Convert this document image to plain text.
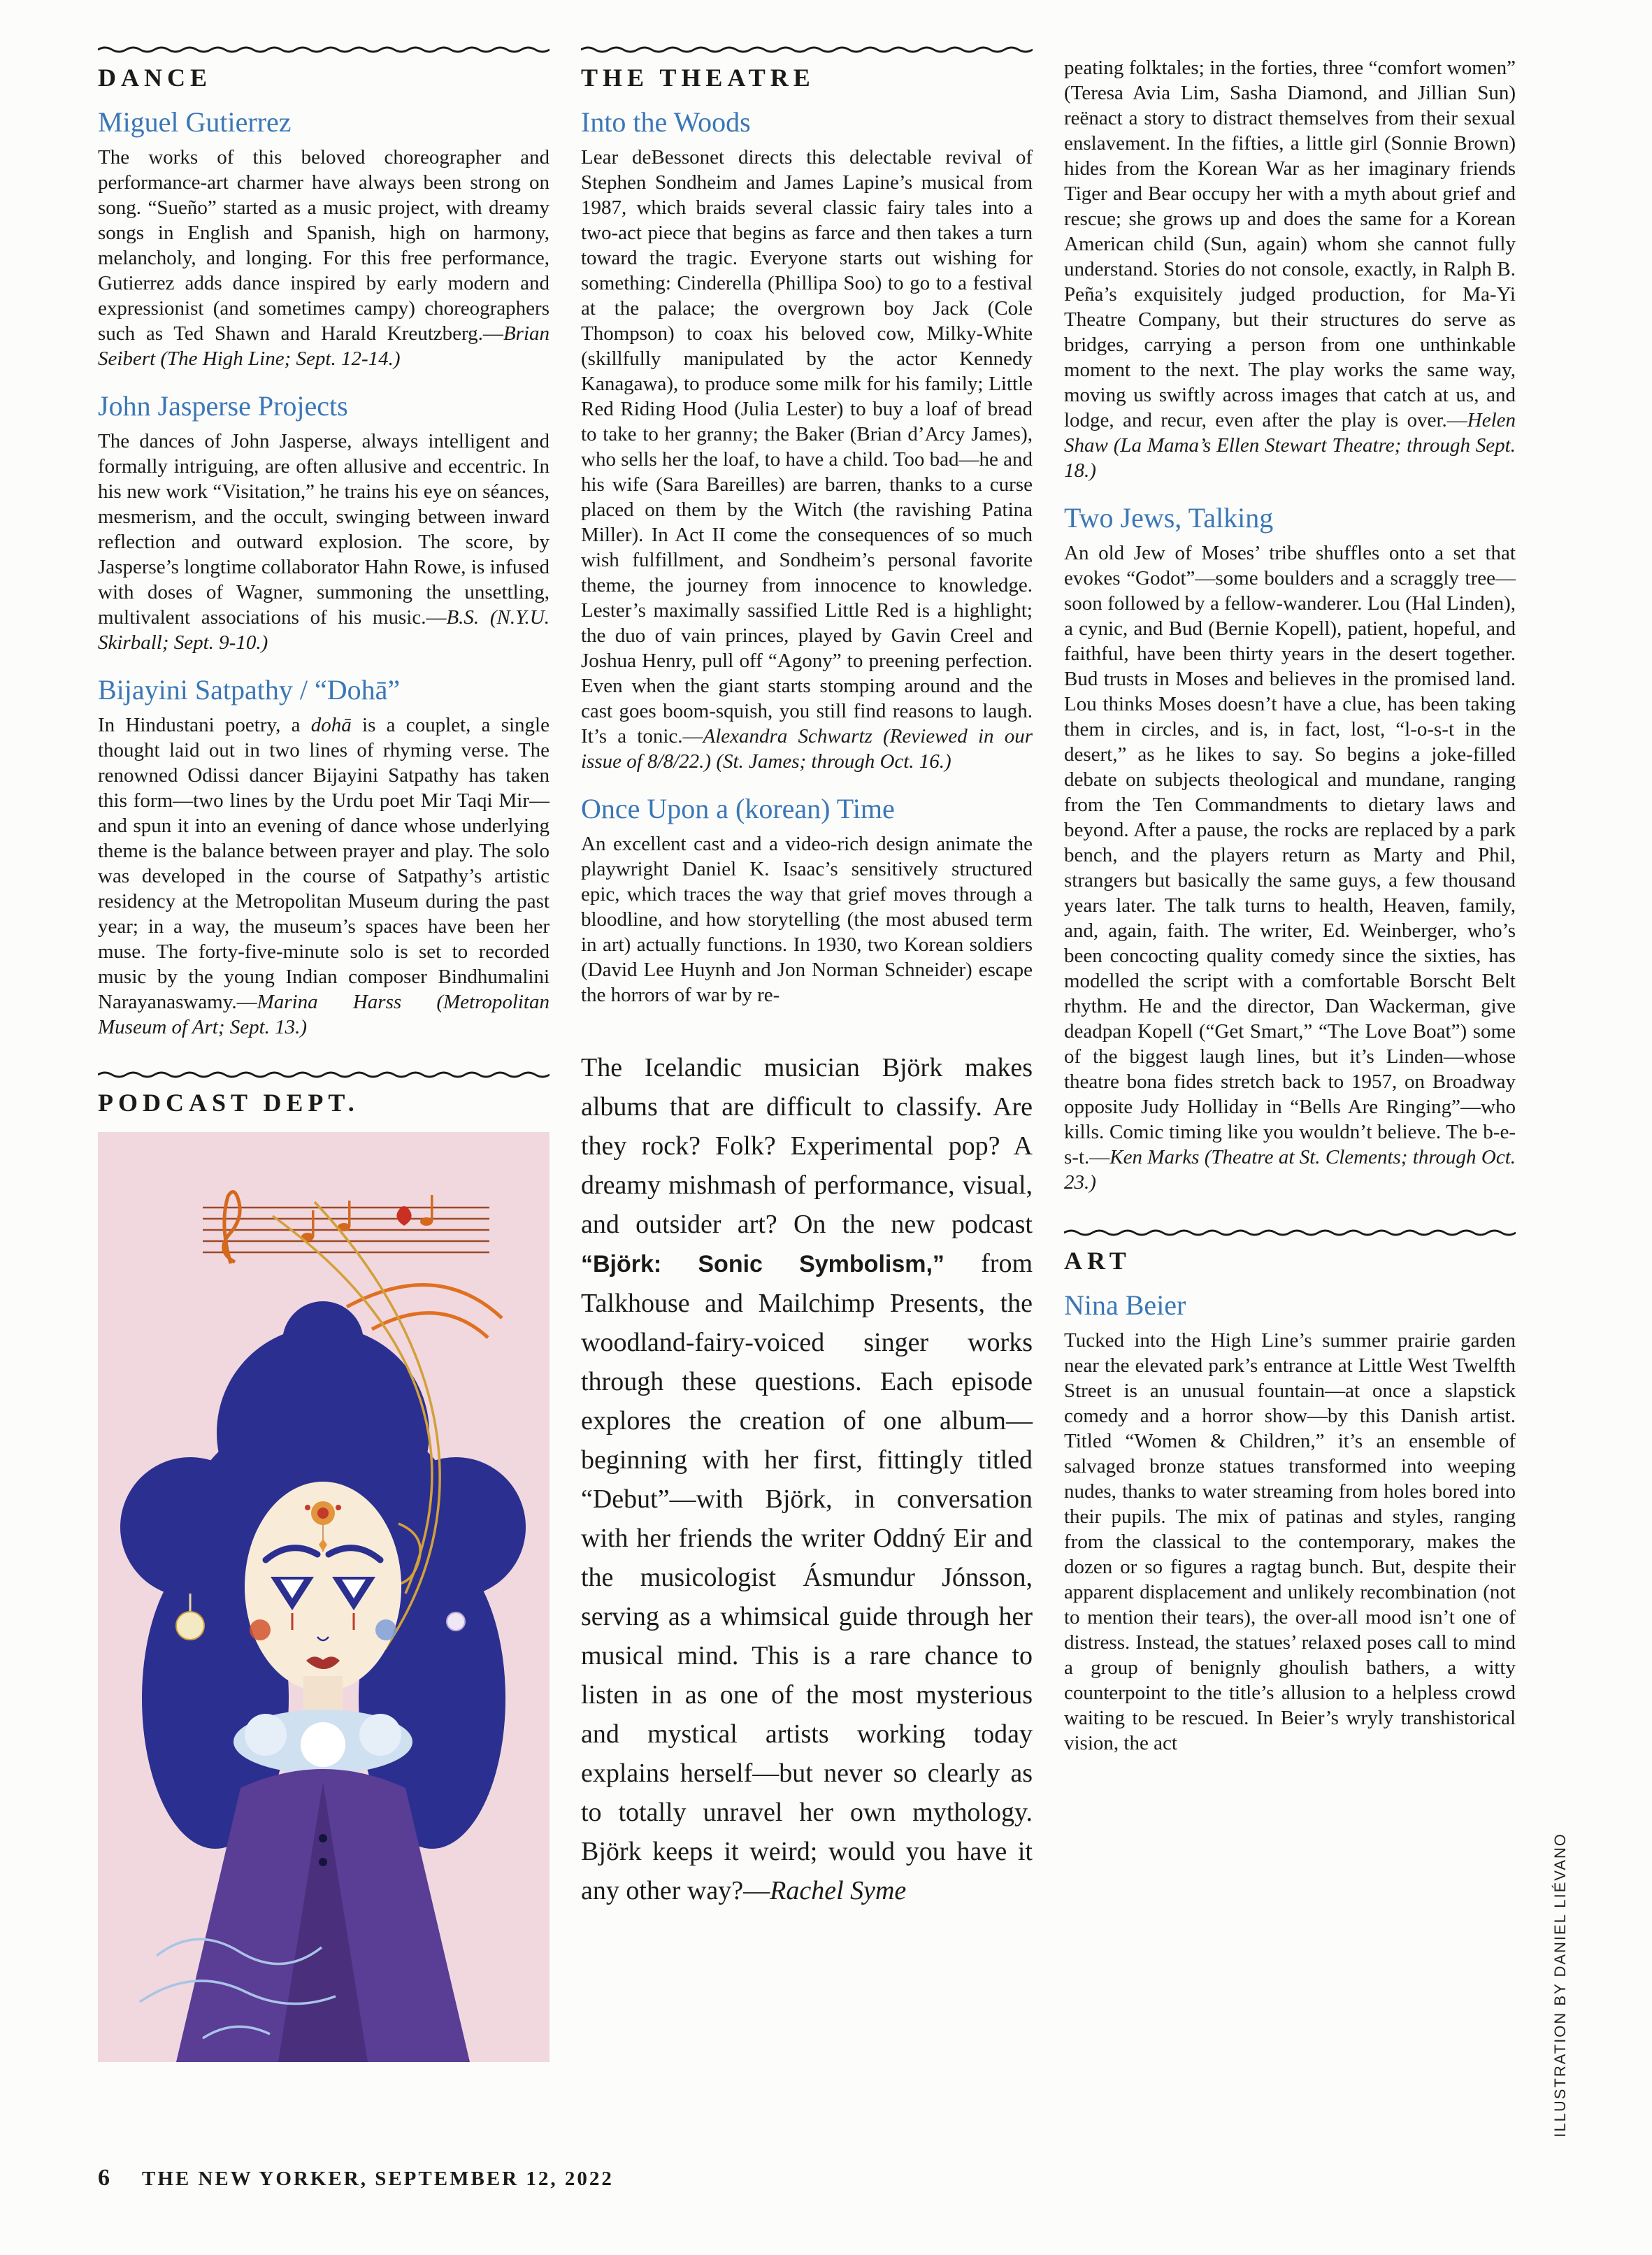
DANCE
Miguel Gutierrez

The works of this beloved choreographer and performance-art charmer have always been strong on song. “Sueño” started as a music project, with dreamy songs in English and Spanish, high on harmony, melancholy, and longing. For this free performance, Gutierrez adds dance inspired by early modern and expressionist (and sometimes campy) choreographers such as Ted Shawn and Harald Kreutzberg.—Brian Seibert (The High Line; Sept. 12-14.)

John Jasperse Projects

The dances of John Jasperse, always intelligent and formally intriguing, are often allusive and eccentric. In his new work “Visitation,” he trains his eye on séances, mesmerism, and the occult, swinging between inward reflection and outward explosion. The score, by Jasperse’s longtime collaborator Hahn Rowe, is infused with doses of Wagner, summoning the unsettling, multivalent associations of his music.—B.S. (N.Y.U. Skirball; Sept. 9-10.)

Bijayini Satpathy / “Dohā”

In Hindustani poetry, a dohā is a couplet, a single thought laid out in two lines of rhyming verse. The renowned Odissi dancer Bijayini Satpathy has taken this form—two lines by the Urdu poet Mir Taqi Mir—and spun it into an evening of dance whose underlying theme is the balance between prayer and play. The solo was developed in the course of Satpathy’s artistic residency at the Metropolitan Museum during the past year; in a way, the museum’s spaces have been her muse. The forty-five-minute solo is set to recorded music by the young Indian composer Bindhumalini Narayanaswamy.—Marina Harss (Metropolitan Museum of Art; Sept. 13.)

PODCAST DEPT.
THE THEATRE
Into the Woods

Lear deBessonet directs this delectable revival of Stephen Sondheim and James Lapine’s musical from 1987, which braids several classic fairy tales into a two-act piece that begins as farce and then takes a turn toward the tragic. Everyone starts out wishing for something: Cinderella (Phillipa Soo) to go to a festival at the palace; the overgrown boy Jack (Cole Thompson) to coax his beloved cow, Milky-White (skillfully manipulated by the actor Kennedy Kanagawa), to produce some milk for his family; Little Red Riding Hood (Julia Lester) to buy a loaf of bread to take to her granny; the Baker (Brian d’Arcy James), who sells her the loaf, to have a child. Too bad—he and his wife (Sara Bareilles) are barren, thanks to a curse placed on them by the Witch (the ravishing Patina Miller). In Act II come the consequences of so much wish fulfillment, and Sondheim’s personal favorite theme, the journey from innocence to knowledge. Lester’s maximally sassified Little Red is a highlight; the duo of vain princes, played by Gavin Creel and Joshua Henry, pull off “Agony” to preening perfection. Even when the giant starts stomping around and the cast goes boom-squish, you still find reasons to laugh. It’s a tonic.—Alexandra Schwartz (Reviewed in our issue of 8/8/22.) (St. James; through Oct. 16.)

Once Upon a (korean) Time

An excellent cast and a video-rich design animate the playwright Daniel K. Isaac’s sensitively structured epic, which traces the way that grief moves through a bloodline, and how storytelling (the most abused term in art) actually functions. In 1930, two Korean soldiers (David Lee Huynh and Jon Norman Schneider) escape the horrors of war by re-

The Icelandic musician Björk makes albums that are difficult to classify. Are they rock? Folk? Experimental pop? A dreamy mishmash of performance, visual, and outsider art? On the new podcast “Björk: Sonic Symbolism,” from Talkhouse and Mailchimp Presents, the woodland-fairy-voiced singer works through these questions. Each episode explores the creation of one album—beginning with her first, fittingly titled “Debut”—with Björk, in conversation with her friends the writer Oddný Eir and the musicologist Ásmundur Jónsson, serving as a whimsical guide through her musical mind. This is a rare chance to listen in as one of the most mysterious and mystical artists working today explains herself—but never so clearly as to totally unravel her own mythology. Björk keeps it weird; would you have it any other way?—Rachel Syme

peating folktales; in the forties, three “comfort women” (Teresa Avia Lim, Sasha Diamond, and Jillian Sun) reënact a story to distract themselves from their sexual enslavement. In the fifties, a little girl (Sonnie Brown) hides from the Korean War as her imaginary friends Tiger and Bear occupy her with a myth about grief and rescue; she grows up and does the same for a Korean American child (Sun, again) whom she cannot fully understand. Stories do not console, exactly, in Ralph B. Peña’s exquisitely judged production, for Ma-Yi Theatre Company, but their structures do serve as bridges, carrying a person from one unthinkable moment to the next. The play works the same way, moving us swiftly across images that catch at us, and lodge, and recur, even after the play is over.—Helen Shaw (La Mama’s Ellen Stewart Theatre; through Sept. 18.)

Two Jews, Talking

An old Jew of Moses’ tribe shuffles onto a set that evokes “Godot”—some boulders and a scraggly tree—soon followed by a fellow-wanderer. Lou (Hal Linden), a cynic, and Bud (Bernie Kopell), patient, hopeful, and faithful, have been thirty years in the desert together. Bud trusts in Moses and believes in the promised land. Lou thinks Moses doesn’t have a clue, has been taking them in circles, and is, in fact, lost, “l-o-s-t in the desert,” as he likes to say. So begins a joke-filled debate on subjects theological and mundane, ranging from the Ten Commandments to dietary laws and beyond. After a pause, the rocks are replaced by a park bench, and the players return as Marty and Phil, strangers but basically the same guys, a few thousand years later. The talk turns to health, Heaven, family, and, again, faith. The writer, Ed. Weinberger, who’s been concocting quality comedy since the sixties, has modelled the script with a comfortable Borscht Belt rhythm. He and the director, Dan Wackerman, give deadpan Kopell (“Get Smart,” “The Love Boat”) some of the biggest laugh lines, but it’s Linden—whose theatre bona fides stretch back to 1957, on Broadway opposite Judy Holliday in “Bells Are Ringing”—who kills. Comic timing like you wouldn’t believe. The b-e-s-t.—Ken Marks (Theatre at St. Clements; through Oct. 23.)

ART
Nina Beier

Tucked into the High Line’s summer prairie garden near the elevated park’s entrance at Little West Twelfth Street is an unusual fountain—at once a slapstick comedy and a horror show—by this Danish artist. Titled “Women & Children,” it’s an ensemble of salvaged bronze statues transformed into weeping nudes, thanks to water streaming from holes bored into their pupils. The mix of patinas and styles, ranging from the classical to the contemporary, makes the dozen or so figures a ragtag bunch. But, despite their apparent displacement and unlikely recombination (not to mention their tears), the over-all mood isn’t one of distress. Instead, the statues’ relaxed poses call to mind a group of benignly ghoulish bathers, a witty counterpoint to the title’s allusion to a helpless crowd waiting to be rescued. In Beier’s wryly transhistorical vision, the act

6 THE NEW YORKER, SEPTEMBER 12, 2022
ILLUSTRATION BY DANIEL LIÉVANO
